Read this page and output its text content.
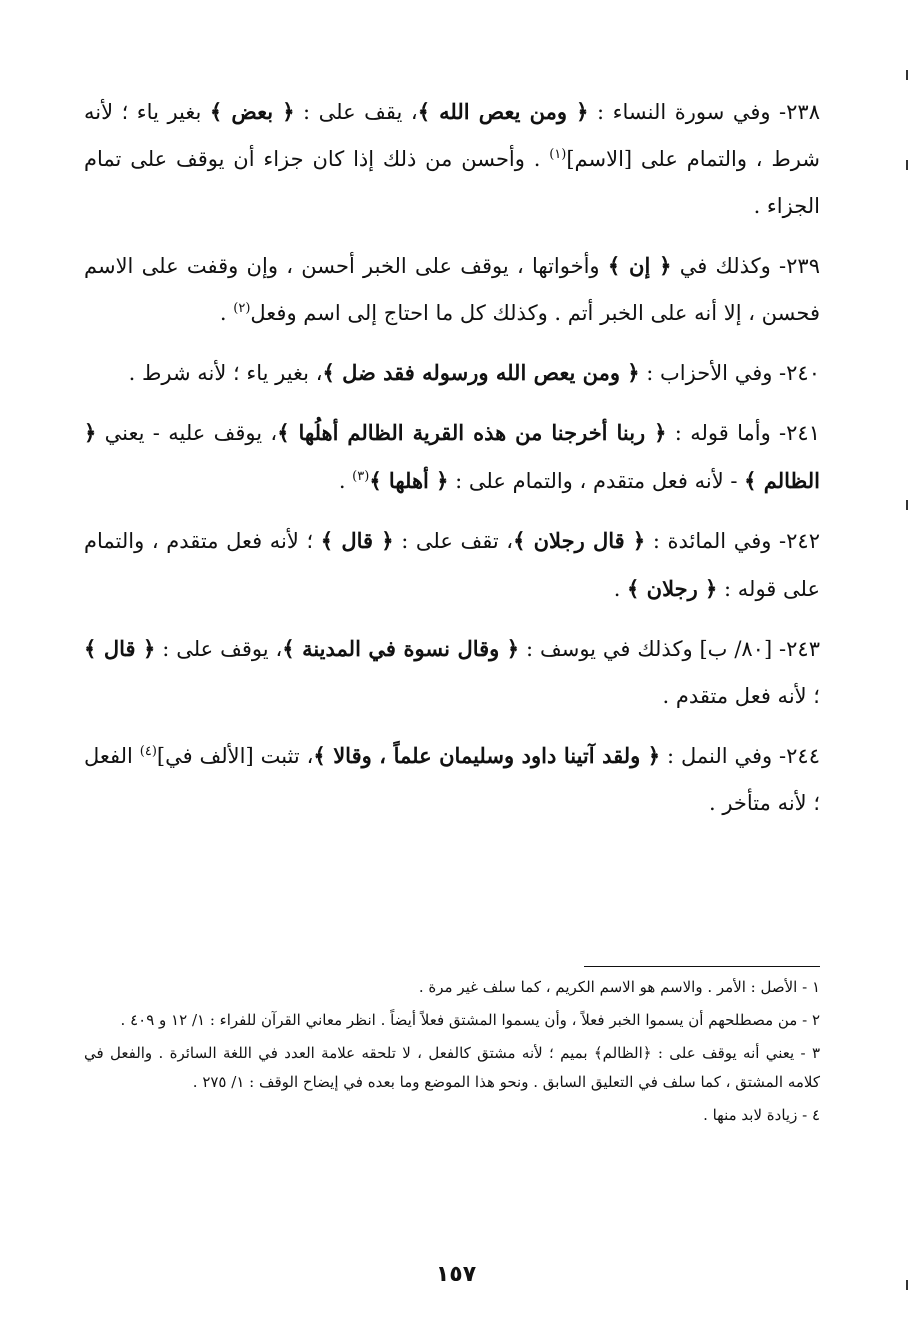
٢٣٨- وفي سورة النساء : ﴿ ومن يعص الله ﴾، يقف على : ﴿ بعض ﴾ بغير ياء ؛ لأنه شرط ، والتمام على [الاسم]$^{(١)}$ . وأحسن من ذلك إذا كان جزاء أن يوقف على تمام الجزاء .

٢٣٩- وكذلك في ﴿ إن ﴾ وأخواتها ، يوقف على الخبر أحسن ، وإن وقفت على الاسم فحسن ، إلا أنه على الخبر أتم . وكذلك كل ما احتاج إلى اسم وفعل$^{(٢)}$ .

٢٤٠- وفي الأحزاب : ﴿ ومن يعص الله ورسوله فقد ضل ﴾، بغير ياء ؛ لأنه شرط .

٢٤١- وأما قوله : ﴿ ربنا أخرجنا من هذه القرية الظالم أهلُها ﴾، يوقف عليه - يعني ﴿ الظالم ﴾ - لأنه فعل متقدم ، والتمام على : ﴿ أهلها ﴾$^{(٣)}$ .

٢٤٢- وفي المائدة : ﴿ قال رجلان ﴾، تقف على : ﴿ قال ﴾ ؛ لأنه فعل متقدم ، والتمام على قوله : ﴿ رجلان ﴾ .

٢٤٣- [٨٠/ ب] وكذلك في يوسف : ﴿ وقال نسوة في المدينة ﴾، يوقف على : ﴿ قال ﴾ ؛ لأنه فعل متقدم .

٢٤٤- وفي النمل : ﴿ ولقد آتينا داود وسليمان علماً ، وقالا ﴾، تثبت [الألف في]$^{(٤)}$ الفعل ؛ لأنه متأخر .

١ - الأصل : الأمر . والاسم هو الاسم الكريم ، كما سلف غير مرة .

٢ - من مصطلحهم أن يسموا الخبر فعلاً ، وأن يسموا المشتق فعلاً أيضاً . انظر معاني القرآن للفراء : ١/ ١٢ و ٤٠٩ .

٣ - يعني أنه يوقف على : ﴿الظالم﴾ بميم ؛ لأنه مشتق كالفعل ، لا تلحقه علامة العدد في اللغة السائرة . والفعل في كلامه المشتق ، كما سلف في التعليق السابق . ونحو هذا الموضع وما بعده في إيضاح الوقف : ١/ ٢٧٥ .

٤ - زيادة لابد منها .

١٥٧
